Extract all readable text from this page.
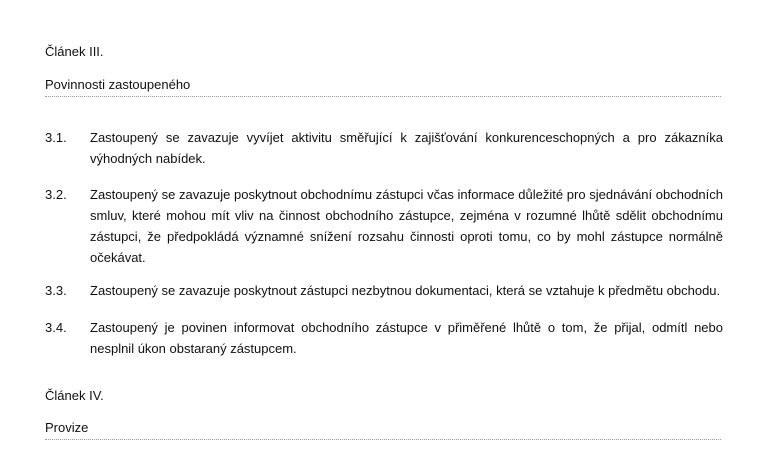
Článek III.
Povinnosti zastoupeného
3.1. Zastoupený se zavazuje vyvíjet aktivitu směřující k zajišťování konkurenceschopných a pro zákazníka výhodných nabídek.
3.2. Zastoupený se zavazuje poskytnout obchodnímu zástupci včas informace důležité pro sjednávání obchodních smluv, které mohou mít vliv na činnost obchodního zástupce, zejména v rozumné lhůtě sdělit obchodnímu zástupci, že předpokládá významné snížení rozsahu činnosti oproti tomu, co by mohl zástupce normálně očekávat.
3.3. Zastoupený se zavazuje poskytnout zástupci nezbytnou dokumentaci, která se vztahuje k předmětu obchodu.
3.4. Zastoupený je povinen informovat obchodního zástupce v přiměřené lhůtě o tom, že přijal, odmítl nebo nesplnil úkon obstaraný zástupcem.
Článek IV.
Provize
